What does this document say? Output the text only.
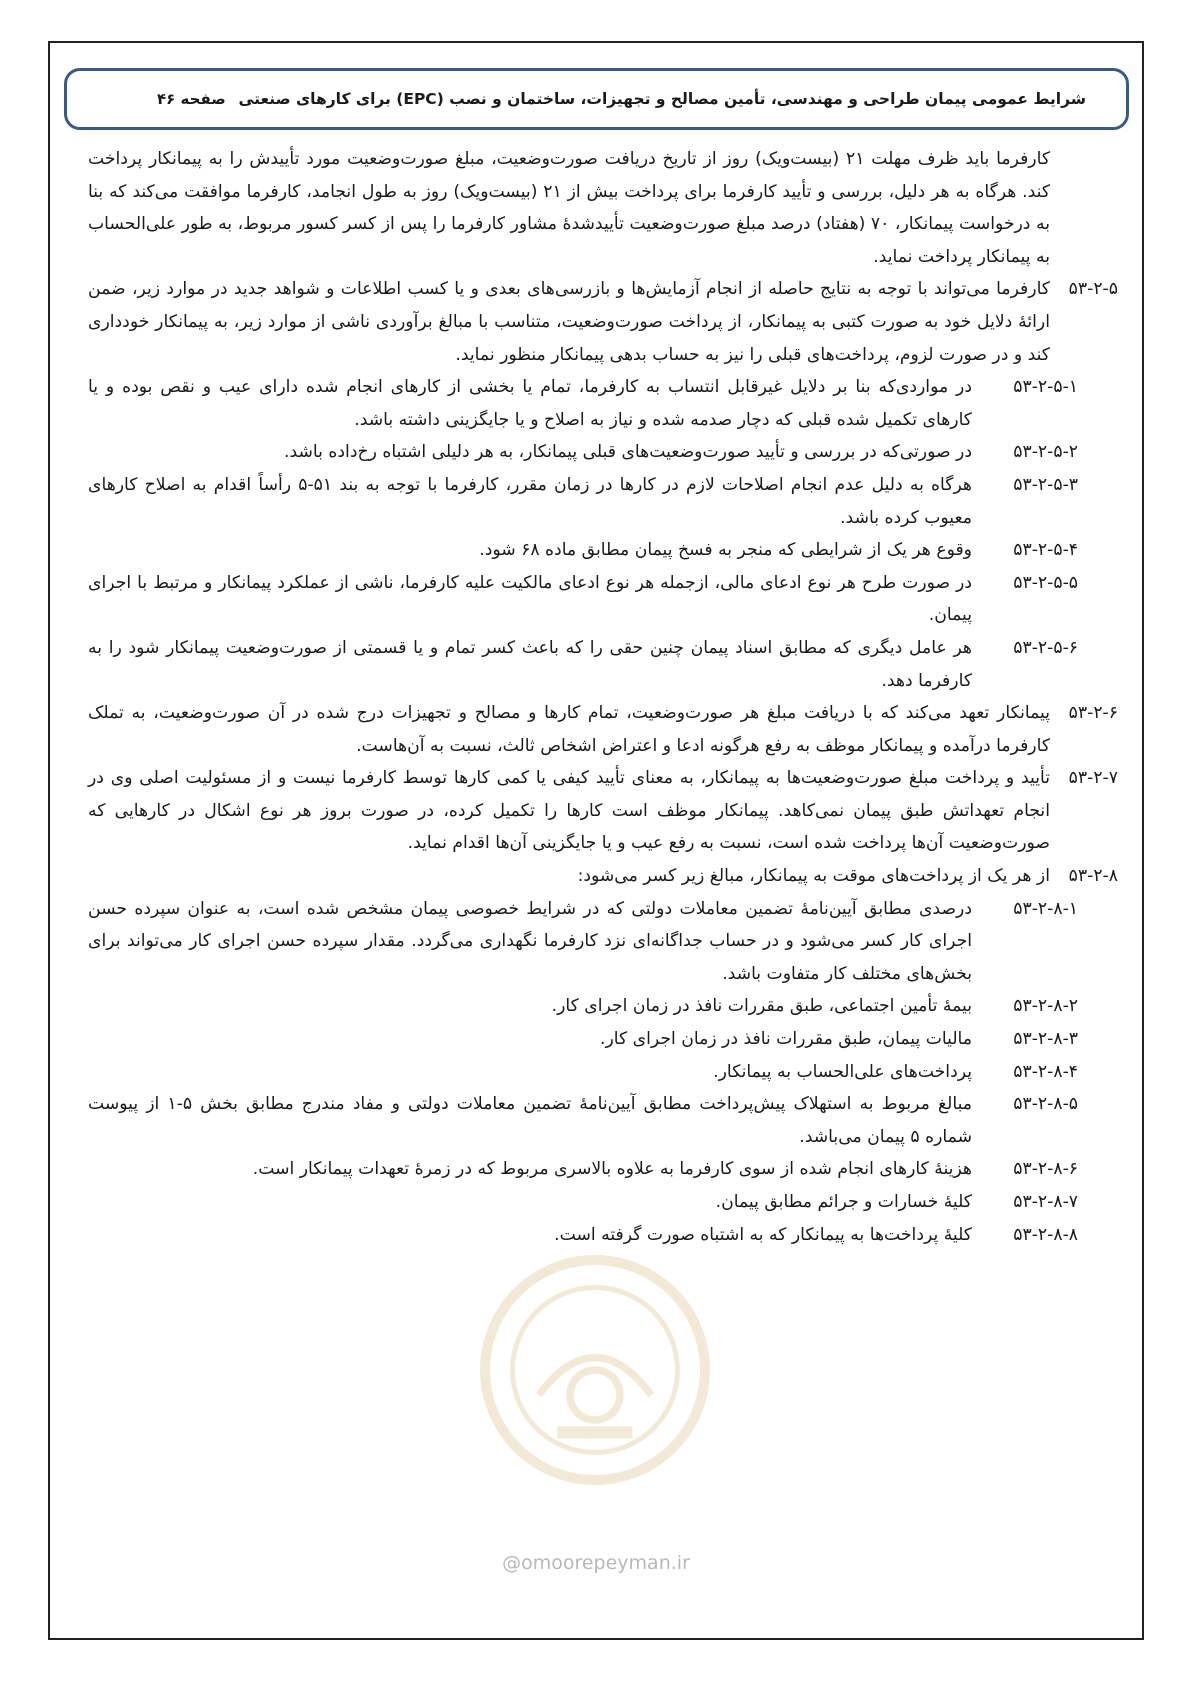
شرایط عمومی پیمان طراحی و مهندسی، تأمین مصالح و تجهیزات، ساختمان و نصب (EPC) برای کارهای صنعتی
صفحه ۴۶
کارفرما باید ظرف مهلت ۲۱ (بیست‌ویک) روز از تاریخ دریافت صورت‌وضعیت، مبلغ صورت‌وضعیت مورد تأییدش را به پیمانکار پرداخت کند. هرگاه به هر دلیل، بررسی و تأیید کارفرما برای پرداخت بیش از ۲۱ (بیست‌ویک) روز به طول انجامد، کارفرما موافقت می‌کند که بنا به درخواست پیمانکار، ۷۰ (هفتاد) درصد مبلغ صورت‌وضعیت تأییدشدهٔ مشاور کارفرما را پس از کسر کسور مربوط، به طور علی‌الحساب به پیمانکار پرداخت نماید.
۵۳-۲-۵
کارفرما می‌تواند با توجه به نتایج حاصله از انجام آزمایش‌ها و بازرسی‌های بعدی و یا کسب اطلاعات و شواهد جدید در موارد زیر، ضمن ارائهٔ دلایل خود به صورت کتبی به پیمانکار، از پرداخت صورت‌وضعیت، متناسب با مبالغ برآوردی ناشی از موارد زیر، به پیمانکار خودداری کند و در صورت لزوم، پرداخت‌های قبلی را نیز به حساب بدهی پیمانکار منظور نماید.
۵۳-۲-۵-۱
در مواردی‌که بنا بر دلایل غیرقابل انتساب به کارفرما، تمام یا بخشی از کارهای انجام شده دارای عیب و نقص بوده و یا کارهای تکمیل شده قبلی که دچار صدمه شده و نیاز به اصلاح و یا جایگزینی داشته باشد.
۵۳-۲-۵-۲
در صورتی‌که در بررسی و تأیید صورت‌وضعیت‌های قبلی پیمانکار، به هر دلیلی اشتباه رخ‌داده باشد.
۵۳-۲-۵-۳
هرگاه به دلیل عدم انجام اصلاحات لازم در کارها در زمان مقرر، کارفرما با توجه به بند ۵۱-۵ رأساً اقدام به اصلاح کارهای معیوب کرده باشد.
۵۳-۲-۵-۴
وقوع هر یک از شرایطی که منجر به فسخ پیمان مطابق ماده ۶۸ شود.
۵۳-۲-۵-۵
در صورت طرح هر نوع ادعای مالی، ازجمله هر نوع ادعای مالکیت علیه کارفرما، ناشی از عملکرد پیمانکار و مرتبط با اجرای پیمان.
۵۳-۲-۵-۶
هر عامل دیگری که مطابق اسناد پیمان چنین حقی را که باعث کسر تمام و یا قسمتی از صورت‌وضعیت پیمانکار شود را به کارفرما دهد.
۵۳-۲-۶
پیمانکار تعهد می‌کند که با دریافت مبلغ هر صورت‌وضعیت، تمام کارها و مصالح و تجهیزات درج شده در آن صورت‌وضعیت، به تملک کارفرما درآمده و پیمانکار موظف به رفع هرگونه ادعا و اعتراض اشخاص ثالث، نسبت به آن‌هاست.
۵۳-۲-۷
تأیید و پرداخت مبلغ صورت‌وضعیت‌ها به پیمانکار، به معنای تأیید کیفی یا کمی کارها توسط کارفرما نیست و از مسئولیت اصلی وی در انجام تعهداتش طبق پیمان نمی‌کاهد. پیمانکار موظف است کارها را تکمیل کرده، در صورت بروز هر نوع اشکال در کارهایی که صورت‌وضعیت آن‌ها پرداخت شده است، نسبت به رفع عیب و یا جایگزینی آن‌ها اقدام نماید.
۵۳-۲-۸
از هر یک از پرداخت‌های موقت به پیمانکار، مبالغ زیر کسر می‌شود:
۵۳-۲-۸-۱
درصدی مطابق آیین‌نامهٔ تضمین معاملات دولتی که در شرایط خصوصی پیمان مشخص شده است، به عنوان سپرده حسن اجرای کار کسر می‌شود و در حساب جداگانه‌ای نزد کارفرما نگهداری می‌گردد. مقدار سپرده حسن اجرای کار می‌تواند برای بخش‌های مختلف کار متفاوت باشد.
۵۳-۲-۸-۲
بیمهٔ تأمین اجتماعی، طبق مقررات نافذ در زمان اجرای کار.
۵۳-۲-۸-۳
مالیات پیمان، طبق مقررات نافذ در زمان اجرای کار.
۵۳-۲-۸-۴
پرداخت‌های علی‌الحساب به پیمانکار.
۵۳-۲-۸-۵
مبالغ مربوط به استهلاک پیش‌پرداخت مطابق آیین‌نامهٔ تضمین معاملات دولتی و مفاد مندرج مطابق بخش ۵-۱ از پیوست شماره ۵ پیمان می‌باشد.
۵۳-۲-۸-۶
هزینهٔ کارهای انجام شده از سوی کارفرما به علاوه بالاسری مربوط که در زمرهٔ تعهدات پیمانکار است.
۵۳-۲-۸-۷
کلیهٔ خسارات و جرائم مطابق پیمان.
۵۳-۲-۸-۸
کلیهٔ پرداخت‌ها به پیمانکار که به اشتباه صورت گرفته است.
@omoorepeyman.ir
